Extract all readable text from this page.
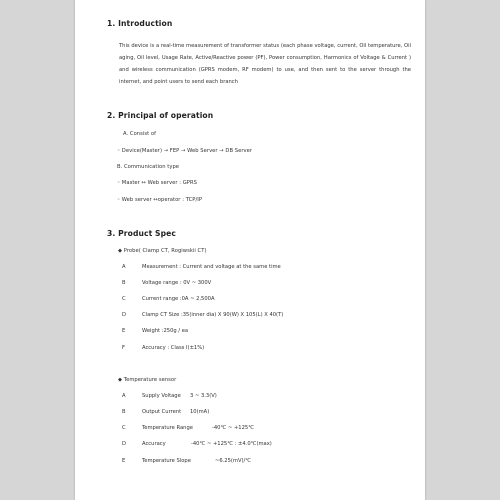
1. Introduction
This device is a real-time measurement of transformer status (each phase voltage, current, Oil temperature, Oil aging, Oil level, Usage Rate, Active/Reactive power (PF), Power consumption, Harmonics of Voltage & Current ) and wireless communication (GPRS modem, RF modem) to use, and then sent to the server through the internet, and point users to send each branch
2. Principal of operation
A. Consist of
◦ Device(Master) → FEP → Web Server → DB Server
B. Communication type
◦ Master ↔ Web server : GPRS
◦ Web server ↔operator : TCP/IP
3. Product Spec
◆ Probe( Clamp CT, Rogiwskii CT)
A	Measurement : Current and voltage at the same time
B	Voltage range : 0V ~ 300V
C	Current range :0A ~ 2,500A
D	Clamp CT Size :35(inner dia) X 90(W) X 105(L) X 40(T)
E	Weight :250g / ea
F	Accuracy : Class Ⅰ(±1%)
◆ Temperature sensor
A	Supply Voltage 3 ~ 3.3(V)
B	Output Current 10(mA)
C	Temperature Range	-40℃ ~ +125℃
D	Accuracy	-40℃ ~ +125℃ : ±4.0℃(max)
E	Temperature Slope	~6.25(mV)/℃
